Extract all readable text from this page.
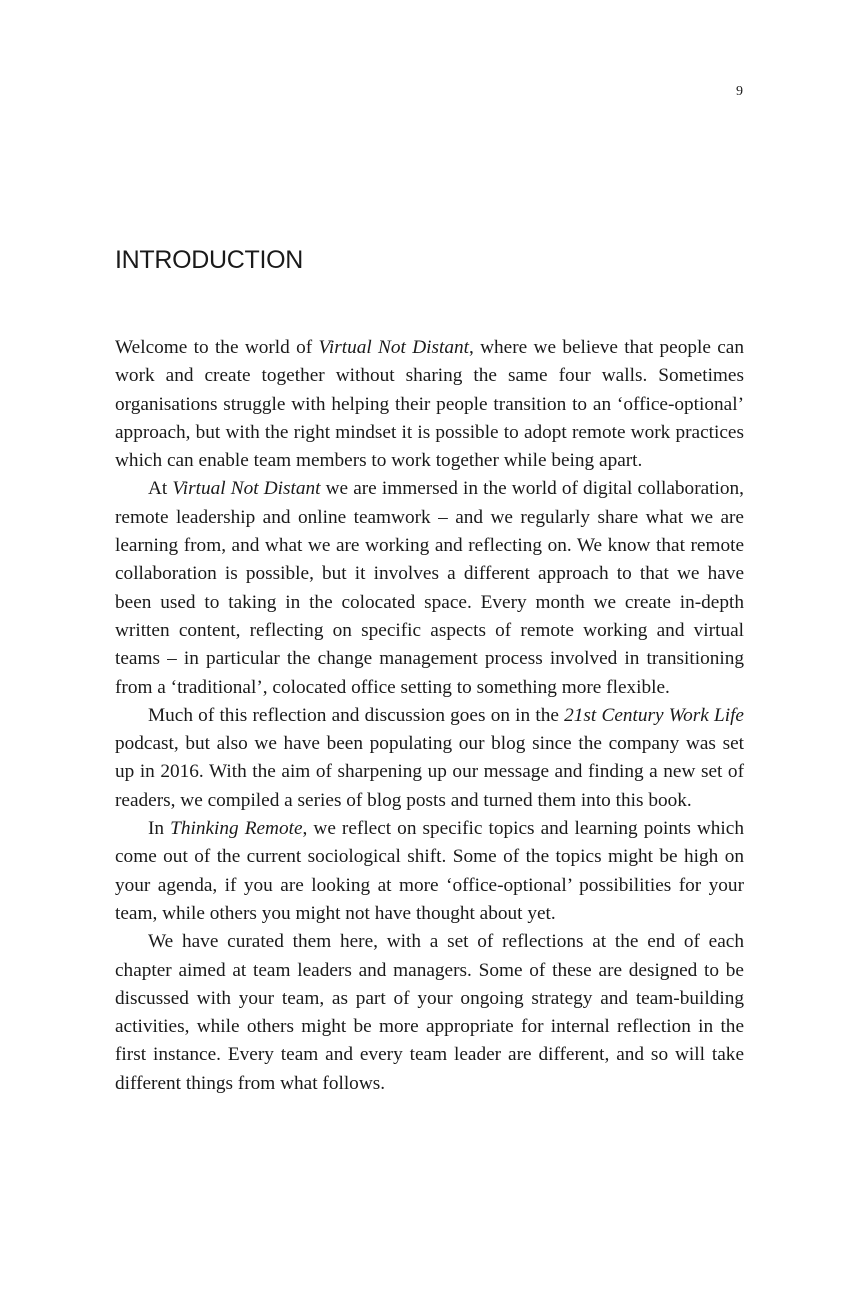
9
INTRODUCTION

Welcome to the world of Virtual Not Distant, where we believe that people can work and create together without sharing the same four walls. Sometimes organisations struggle with helping their people transition to an ‘office-optional’ approach, but with the right mindset it is possible to adopt remote work practices which can enable team members to work together while being apart.

At Virtual Not Distant we are immersed in the world of digital collaboration, remote leadership and online teamwork – and we regularly share what we are learning from, and what we are working and reflecting on. We know that remote collaboration is possible, but it involves a different approach to that we have been used to taking in the colocated space. Every month we create in-depth written content, reflecting on specific aspects of remote working and virtual teams – in particular the change management process involved in transitioning from a ‘traditional’, colocated office setting to something more flexible.

Much of this reflection and discussion goes on in the 21st Century Work Life podcast, but also we have been populating our blog since the company was set up in 2016. With the aim of sharpening up our message and finding a new set of readers, we compiled a series of blog posts and turned them into this book.

In Thinking Remote, we reflect on specific topics and learning points which come out of the current sociological shift. Some of the topics might be high on your agenda, if you are looking at more ‘office-optional’ possibilities for your team, while others you might not have thought about yet.

We have curated them here, with a set of reflections at the end of each chapter aimed at team leaders and managers. Some of these are designed to be discussed with your team, as part of your ongoing strategy and team-building activities, while others might be more appropriate for internal reflection in the first instance. Every team and every team leader are different, and so will take different things from what follows.
